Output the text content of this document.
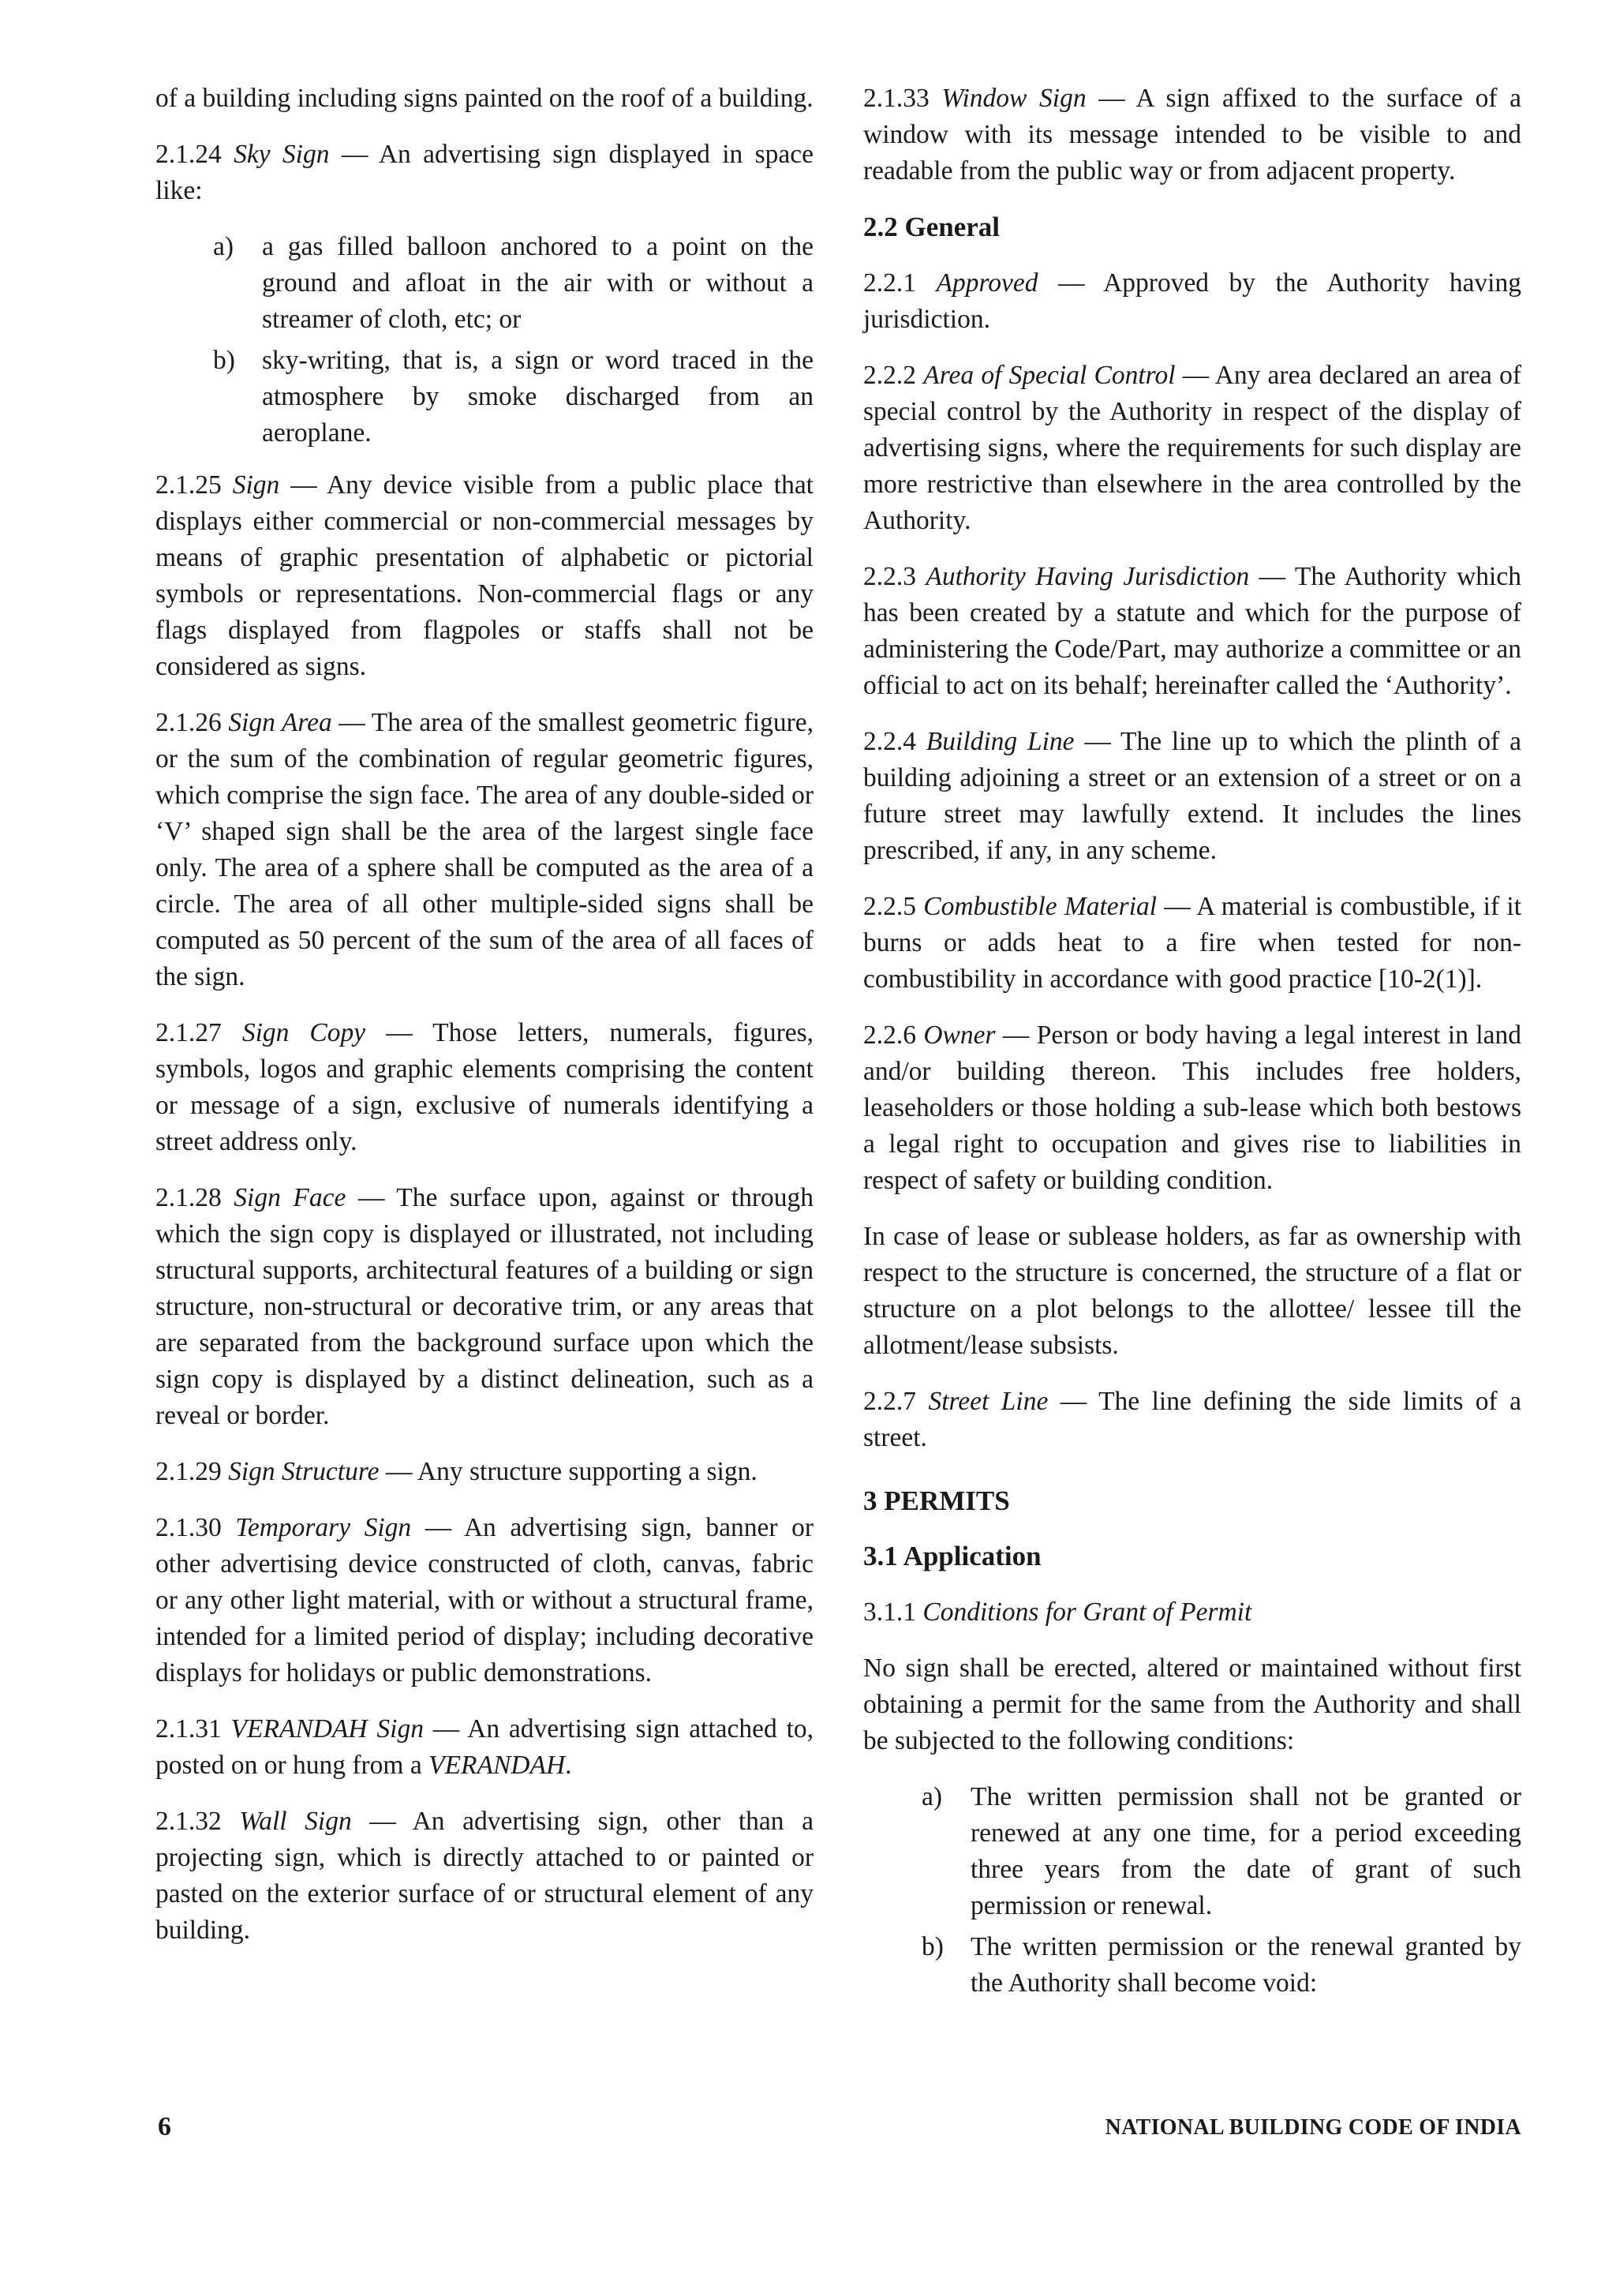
of a building including signs painted on the roof of a building.

2.1.24 Sky Sign — An advertising sign displayed in space like:

a) a gas filled balloon anchored to a point on the ground and afloat in the air with or without a streamer of cloth, etc; or
b) sky-writing, that is, a sign or word traced in the atmosphere by smoke discharged from an aeroplane.

2.1.25 Sign — Any device visible from a public place that displays either commercial or non-commercial messages by means of graphic presentation of alphabetic or pictorial symbols or representations. Non-commercial flags or any flags displayed from flagpoles or staffs shall not be considered as signs.

2.1.26 Sign Area — The area of the smallest geometric figure, or the sum of the combination of regular geometric figures, which comprise the sign face. The area of any double-sided or ‘V’ shaped sign shall be the area of the largest single face only. The area of a sphere shall be computed as the area of a circle. The area of all other multiple-sided signs shall be computed as 50 percent of the sum of the area of all faces of the sign.

2.1.27 Sign Copy — Those letters, numerals, figures, symbols, logos and graphic elements comprising the content or message of a sign, exclusive of numerals identifying a street address only.

2.1.28 Sign Face — The surface upon, against or through which the sign copy is displayed or illustrated, not including structural supports, architectural features of a building or sign structure, non-structural or decorative trim, or any areas that are separated from the background surface upon which the sign copy is displayed by a distinct delineation, such as a reveal or border.

2.1.29 Sign Structure — Any structure supporting a sign.

2.1.30 Temporary Sign — An advertising sign, banner or other advertising device constructed of cloth, canvas, fabric or any other light material, with or without a structural frame, intended for a limited period of display; including decorative displays for holidays or public demonstrations.

2.1.31 VERANDAH Sign — An advertising sign attached to, posted on or hung from a VERANDAH.

2.1.32 Wall Sign — An advertising sign, other than a projecting sign, which is directly attached to or painted or pasted on the exterior surface of or structural element of any building.

2.1.33 Window Sign — A sign affixed to the surface of a window with its message intended to be visible to and readable from the public way or from adjacent property.

2.2 General

2.2.1 Approved — Approved by the Authority having jurisdiction.

2.2.2 Area of Special Control — Any area declared an area of special control by the Authority in respect of the display of advertising signs, where the requirements for such display are more restrictive than elsewhere in the area controlled by the Authority.

2.2.3 Authority Having Jurisdiction — The Authority which has been created by a statute and which for the purpose of administering the Code/Part, may authorize a committee or an official to act on its behalf; hereinafter called the ‘Authority’.

2.2.4 Building Line — The line up to which the plinth of a building adjoining a street or an extension of a street or on a future street may lawfully extend. It includes the lines prescribed, if any, in any scheme.

2.2.5 Combustible Material — A material is combustible, if it burns or adds heat to a fire when tested for non-combustibility in accordance with good practice [10-2(1)].

2.2.6 Owner — Person or body having a legal interest in land and/or building thereon. This includes free holders, leaseholders or those holding a sub-lease which both bestows a legal right to occupation and gives rise to liabilities in respect of safety or building condition.

In case of lease or sublease holders, as far as ownership with respect to the structure is concerned, the structure of a flat or structure on a plot belongs to the allottee/ lessee till the allotment/lease subsists.

2.2.7 Street Line — The line defining the side limits of a street.

3 PERMITS
3.1 Application

3.1.1 Conditions for Grant of Permit

No sign shall be erected, altered or maintained without first obtaining a permit for the same from the Authority and shall be subjected to the following conditions:

a) The written permission shall not be granted or renewed at any one time, for a period exceeding three years from the date of grant of such permission or renewal.
b) The written permission or the renewal granted by the Authority shall become void:
6	NATIONAL BUILDING CODE OF INDIA
